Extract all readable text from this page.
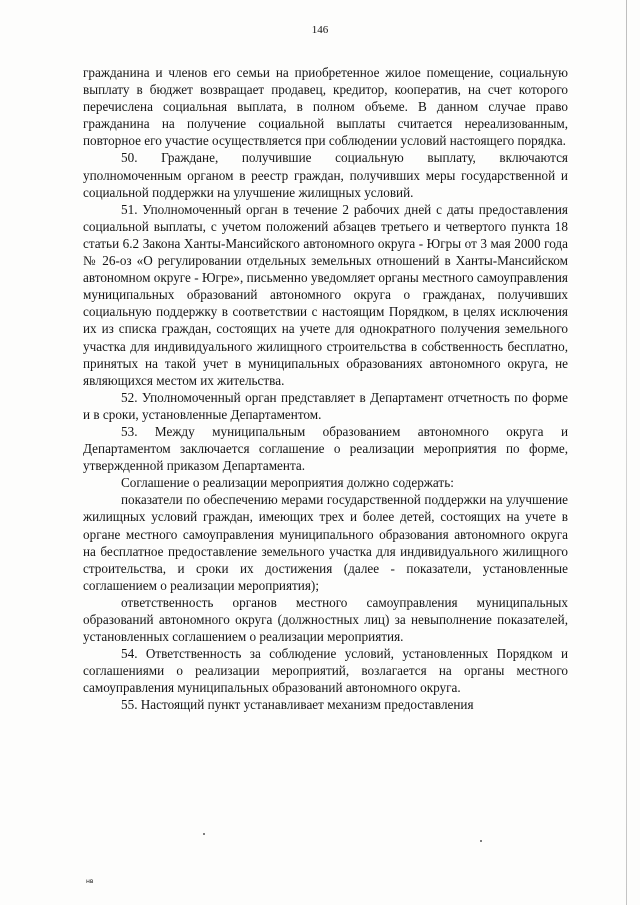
146

гражданина и членов его семьи на приобретенное жилое помещение, социальную выплату в бюджет возвращает продавец, кредитор, кооператив, на счет которого перечислена социальная выплата, в полном объеме. В данном случае право гражданина на получение социальной выплаты считается нереализованным, повторное его участие осуществляется при соблюдении условий настоящего порядка.

50. Граждане, получившие социальную выплату, включаются уполномоченным органом в реестр граждан, получивших меры государственной и социальной поддержки на улучшение жилищных условий.

51. Уполномоченный орган в течение 2 рабочих дней с даты предоставления социальной выплаты, с учетом положений абзацев третьего и четвертого пункта 18 статьи 6.2 Закона Ханты-Мансийского автономного округа - Югры от 3 мая 2000 года № 26-оз «О регулировании отдельных земельных отношений в Ханты-Мансийском автономном округе - Югре», письменно уведомляет органы местного самоуправления муниципальных образований автономного округа о гражданах, получивших социальную поддержку в соответствии с настоящим Порядком, в целях исключения их из списка граждан, состоящих на учете для однократного получения земельного участка для индивидуального жилищного строительства в собственность бесплатно, принятых на такой учет в муниципальных образованиях автономного округа, не являющихся местом их жительства.

52. Уполномоченный орган представляет в Департамент отчетность по форме и в сроки, установленные Департаментом.

53. Между муниципальным образованием автономного округа и Департаментом заключается соглашение о реализации мероприятия по форме, утвержденной приказом Департамента.

Соглашение о реализации мероприятия должно содержать:

показатели по обеспечению мерами государственной поддержки на улучшение жилищных условий граждан, имеющих трех и более детей, состоящих на учете в органе местного самоуправления муниципального образования автономного округа на бесплатное предоставление земельного участка для индивидуального жилищного строительства, и сроки их достижения (далее - показатели, установленные соглашением о реализации мероприятия);

ответственность органов местного самоуправления муниципальных образований автономного округа (должностных лиц) за невыполнение показателей, установленных соглашением о реализации мероприятия.

54. Ответственность за соблюдение условий, установленных Порядком и соглашениями о реализации мероприятий, возлагается на органы местного самоуправления муниципальных образований автономного округа.

55. Настоящий пункт устанавливает механизм предоставления

нв
